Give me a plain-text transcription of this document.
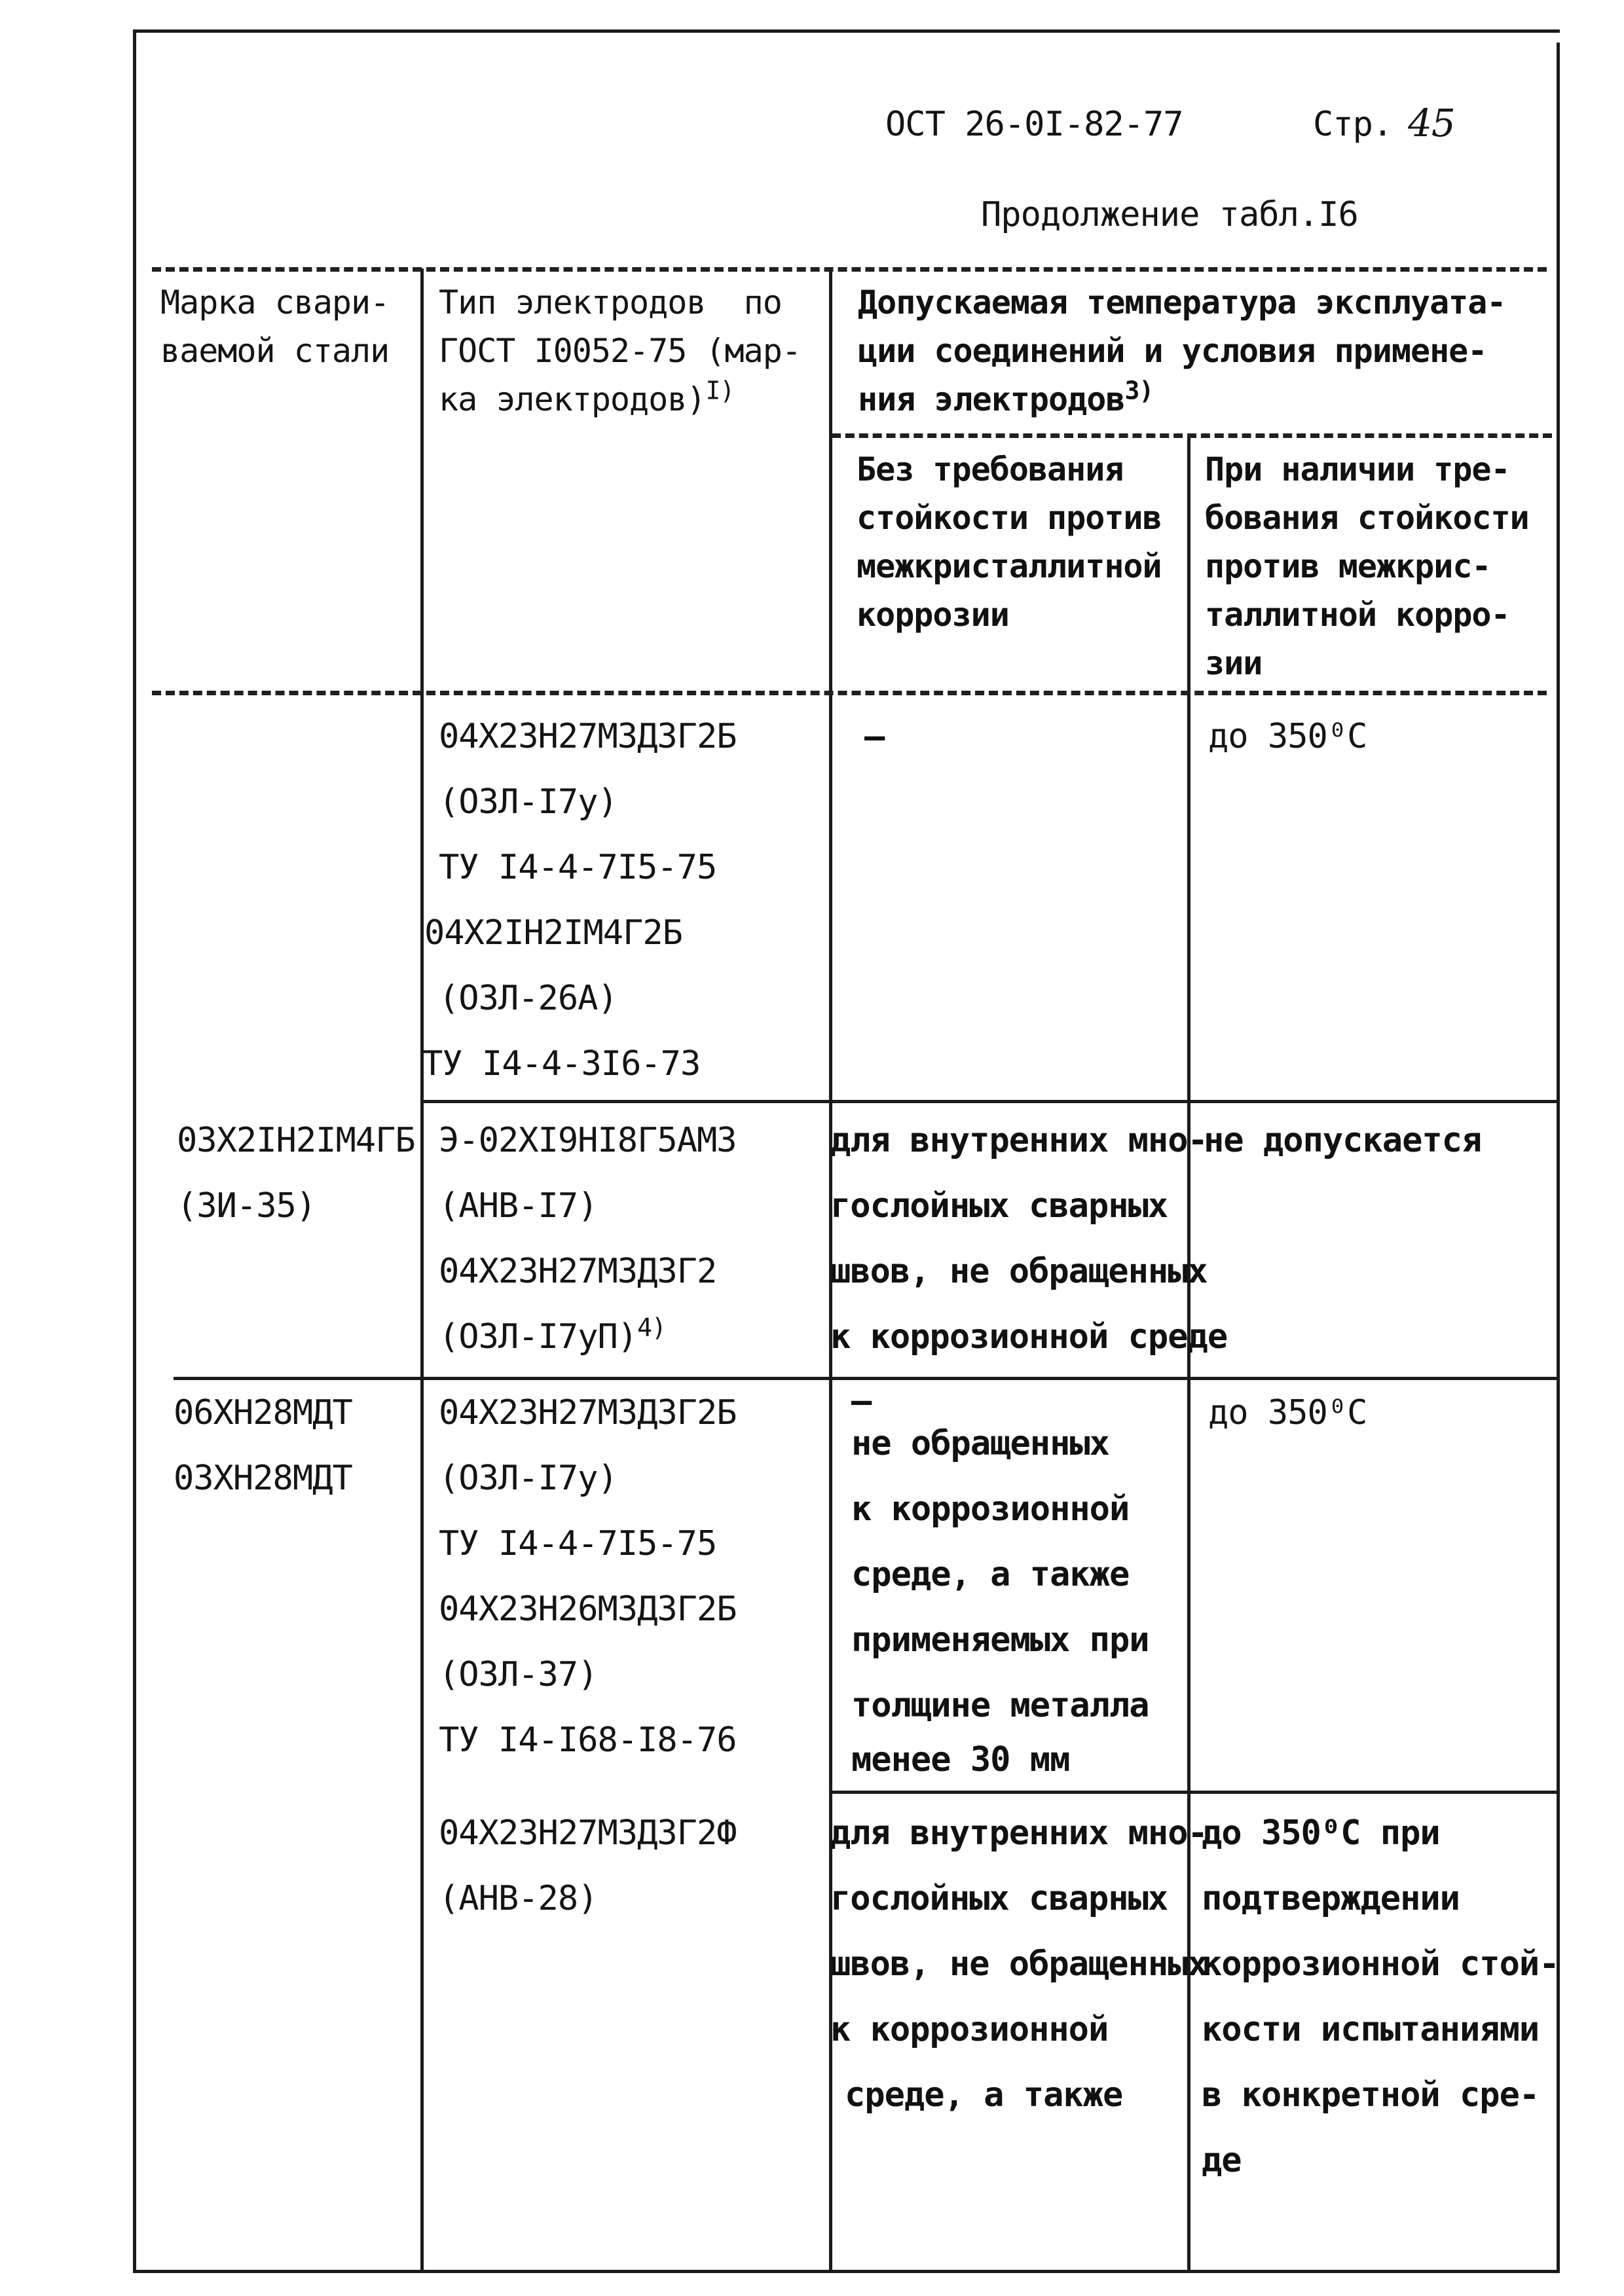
ОСТ 26-0I-82-77	Стр. 45
Продолжение табл.I6
Марка свари-
ваемой стали
Тип электродов  по
ГОСТ I0052-75 (мар-
ка электродов)$^{I)}$
Допускаемая температура эксплуата-
ции соединений и условия примене-
ния электродов$^{3)}$
Без требования
стойкости против
межкристаллитной
коррозии
При наличии тре-
бования стойкости
против межкрис-
таллитной корро-
зии
04Х23Н27М3Д3Г2Б
(ОЗЛ-I7у)
ТУ I4-4-7I5-75
04Х2IН2IМ4Г2Б
(ОЗЛ-26А)
ТУ I4-4-3I6-73
–	до 350⁰С
03Х2IН2IМ4ГБ
(ЗИ-35)
Э-02ХI9НI8Г5АМ3
(АНВ-I7)
04Х23Н27М3Д3Г2
$(ОЗЛ-I7уП)^{4)}$
для внутренних мно-
гослойных сварных
швов, не обращенных
к коррозионной среде
не допускается
06ХН28МДТ
03ХН28МДТ
04Х23Н27М3Д3Г2Б
(ОЗЛ-I7у)
ТУ I4-4-7I5-75
04Х23Н26М3Д3Г2Б
(ОЗЛ-37)
ТУ I4-I68-I8-76
–
не обращенных
к коррозионной
среде, а также
применяемых при
толщине металла
менее 30 мм
до 350⁰С
04Х23Н27М3Д3Г2Ф
(АНВ-28)
для внутренних мно-
гослойных сварных
швов, не обращенных
к коррозионной
среде, а также
до 350⁰С при
подтверждении
коррозионной стой-
кости испытаниями
в конкретной сре-
де
